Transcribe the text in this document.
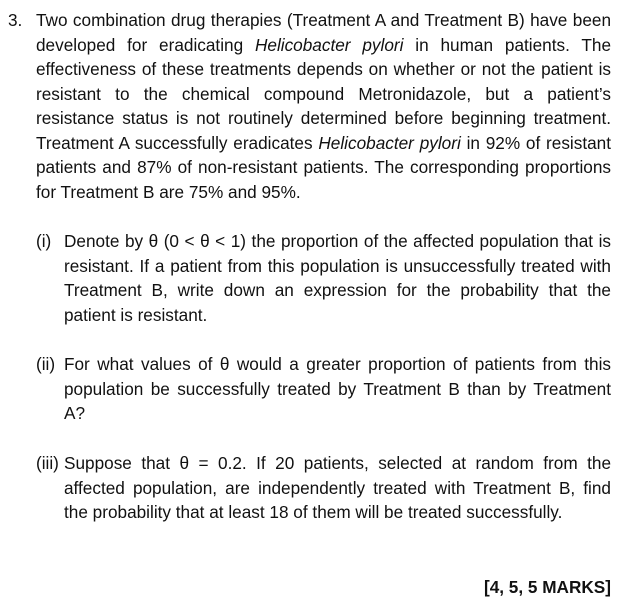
3. Two combination drug therapies (Treatment A and Treatment B) have been developed for eradicating Helicobacter pylori in human patients. The effectiveness of these treatments depends on whether or not the patient is resistant to the chemical compound Metronidazole, but a patient’s resistance status is not routinely determined before beginning treatment. Treatment A successfully eradicates Helicobacter pylori in 92% of resistant patients and 87% of non-resistant patients. The corresponding proportions for Treatment B are 75% and 95%.
(i) Denote by θ (0 < θ < 1) the proportion of the affected population that is resistant. If a patient from this population is unsuccessfully treated with Treatment B, write down an expression for the probability that the patient is resistant.
(ii) For what values of θ would a greater proportion of patients from this population be successfully treated by Treatment B than by Treatment A?
(iii) Suppose that θ = 0.2. If 20 patients, selected at random from the affected population, are independently treated with Treatment B, find the probability that at least 18 of them will be treated successfully.
[4, 5, 5 MARKS]
